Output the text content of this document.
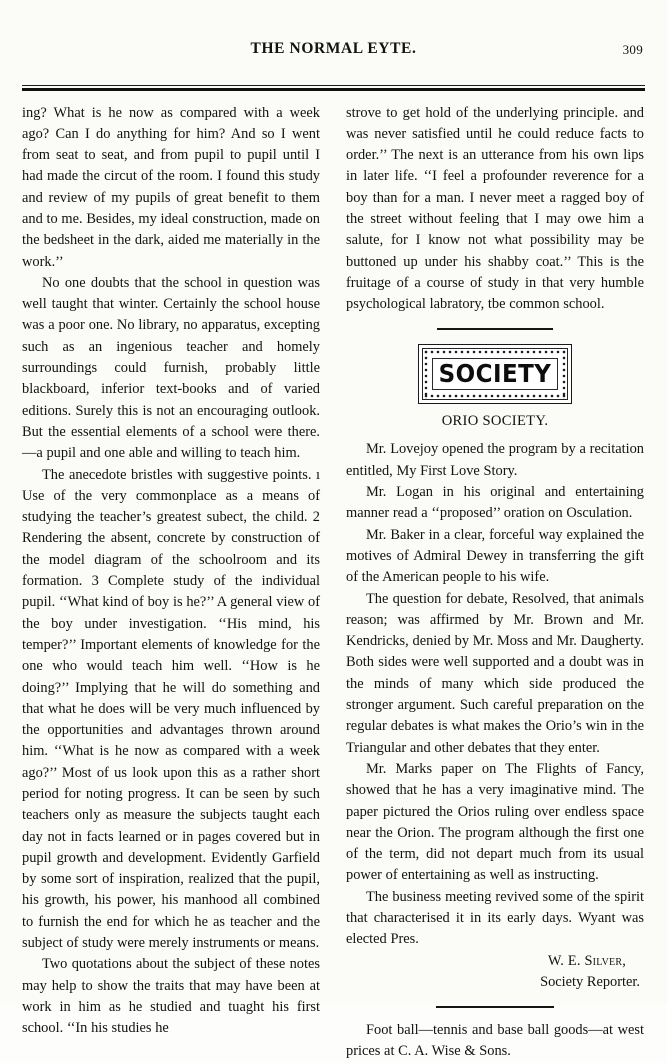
THE NORMAL EYTE.	309

ing? What is he now as compared with a week ago? Can I do anything for him? And so I went from seat to seat, and from pupil to pupil until I had made the circut of the room. I found this study and review of my pupils of great benefit to them and to me. Besides, my ideal construction, made on the bedsheet in the dark, aided me materially in the work.’’

No one doubts that the school in question was well taught that winter. Certainly the school house was a poor one. No library, no apparatus, excepting such as an ingenious teacher and homely surroundings could furnish, probably little blackboard, inferior text-books and of varied editions. Surely this is not an encouraging outlook. But the essential elements of a school were there.—a pupil and one able and willing to teach him.

The anecedote bristles with suggestive points. ı Use of the very commonplace as a means of studying the teacher’s greatest subect, the child. 2 Rendering the absent, concrete by construction of the model diagram of the schoolroom and its formation. 3 Complete study of the individual pupil. ‘‘What kind of boy is he?’’ A general view of the boy under investigation. ‘‘His mind, his temper?’’ Important elements of knowledge for the one who would teach him well. ‘‘How is he doing?’’ Implying that he will do something and that what he does will be very much influenced by the opportunities and advantages thrown around him. ‘‘What is he now as compared with a week ago?’’ Most of us look upon this as a rather short period for noting progress. It can be seen by such teachers only as measure the subjects taught each day not in facts learned or in pages covered but in pupil growth and development. Evidently Garfield by some sort of inspiration, realized that the pupil, his growth, his power, his manhood all combined to furnish the end for which he as teacher and the subject of study were merely instruments or means.

Two quotations about the subject of these notes may help to show the traits that may have been at work in him as he studied and tuaght his first school. ‘‘In his studies he

strove to get hold of the underlying principle. and was never satisfied until he could reduce facts to order.’’ The next is an utterance from his own lips in later life. ‘‘I feel a profounder reverence for a boy than for a man. I never meet a ragged boy of the street without feeling that I may owe him a salute, for I know not what possibility may be buttoned up under his shabby coat.’’ This is the fruitage of a course of study in that very humble psychological labratory, tbe common school.

SOCIETY
ORIO SOCIETY.

Mr. Lovejoy opened the program by a recitation entitled, My First Love Story.

Mr. Logan in his original and entertaining manner read a ‘‘proposed’’ oration on Osculation.

Mr. Baker in a clear, forceful way explained the motives of Admiral Dewey in transferring the gift of the American people to his wife.

The question for debate, Resolved, that animals reason; was affirmed by Mr. Brown and Mr. Kendricks, denied by Mr. Moss and Mr. Daugherty. Both sides were well supported and a doubt was in the minds of many which side produced the stronger argument. Such careful preparation on the regular debates is what makes the Orio’s win in the Triangular and other debates that they enter.

Mr. Marks paper on The Flights of Fancy, showed that he has a very imaginative mind. The paper pictured the Orios ruling over endless space near the Orion. The program although the first one of the term, did not depart much from its usual power of entertaining as well as instructing.

The business meeting revived some of the spirit that characterised it in its early days. Wyant was elected Pres.

W. E. Silver,
Society Reporter.

Foot ball—tennis and base ball goods—at west prices at C. A. Wise & Sons.
